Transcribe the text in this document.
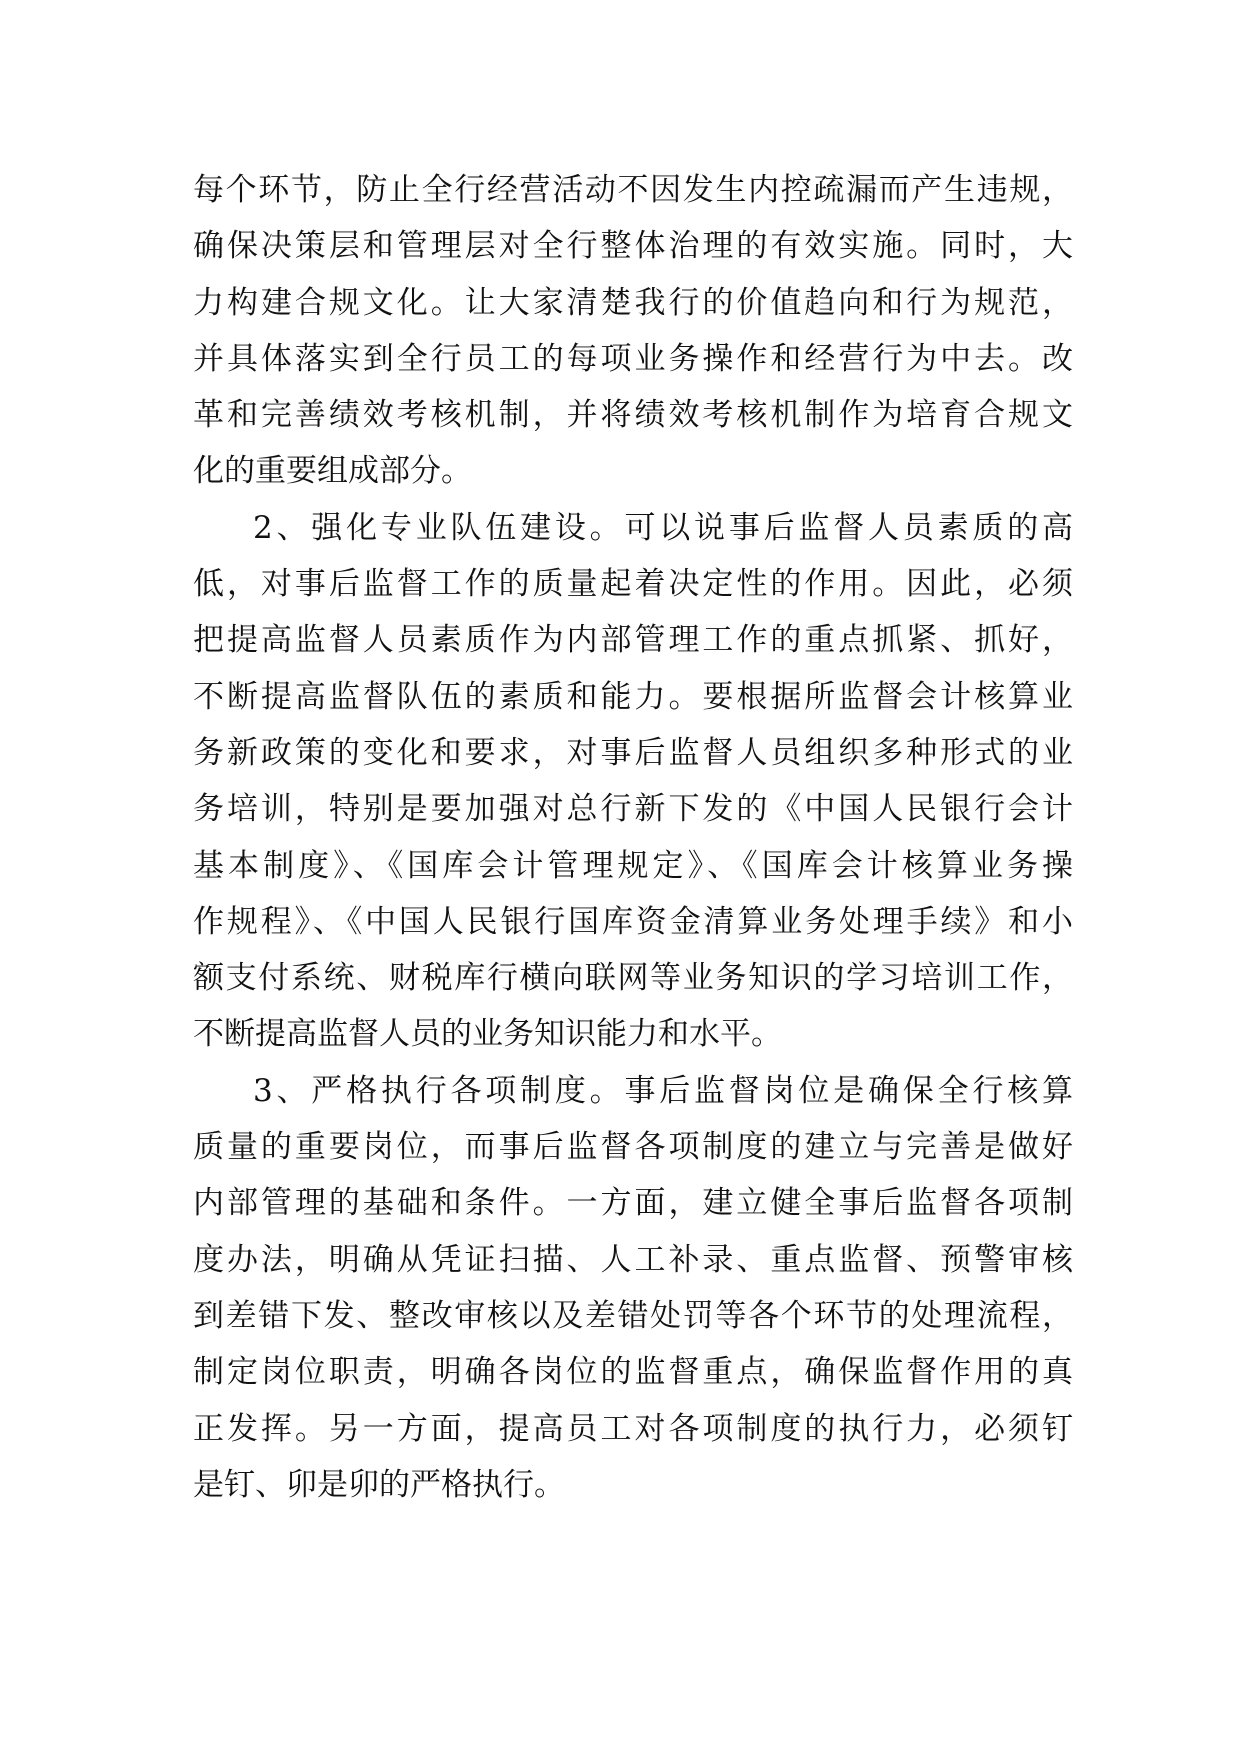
每个环节，防止全行经营活动不因发生内控疏漏而产生违规，
确保决策层和管理层对全行整体治理的有效实施。同时，大
力构建合规文化。让大家清楚我行的价值趋向和行为规范，
并具体落实到全行员工的每项业务操作和经营行为中去。改
革和完善绩效考核机制，并将绩效考核机制作为培育合规文
化的重要组成部分。
2、强化专业队伍建设。可以说事后监督人员素质的高
低，对事后监督工作的质量起着决定性的作用。因此，必须
把提高监督人员素质作为内部管理工作的重点抓紧、抓好，
不断提高监督队伍的素质和能力。要根据所监督会计核算业
务新政策的变化和要求，对事后监督人员组织多种形式的业
务培训，特别是要加强对总行新下发的《中国人民银行会计
基本制度》、《国库会计管理规定》、《国库会计核算业务操
作规程》、《中国人民银行国库资金清算业务处理手续》和小
额支付系统、财税库行横向联网等业务知识的学习培训工作，
不断提高监督人员的业务知识能力和水平。
3、严格执行各项制度。事后监督岗位是确保全行核算
质量的重要岗位，而事后监督各项制度的建立与完善是做好
内部管理的基础和条件。一方面，建立健全事后监督各项制
度办法，明确从凭证扫描、人工补录、重点监督、预警审核
到差错下发、整改审核以及差错处罚等各个环节的处理流程，
制定岗位职责，明确各岗位的监督重点，确保监督作用的真
正发挥。另一方面，提高员工对各项制度的执行力，必须钉
是钉、卯是卯的严格执行。
